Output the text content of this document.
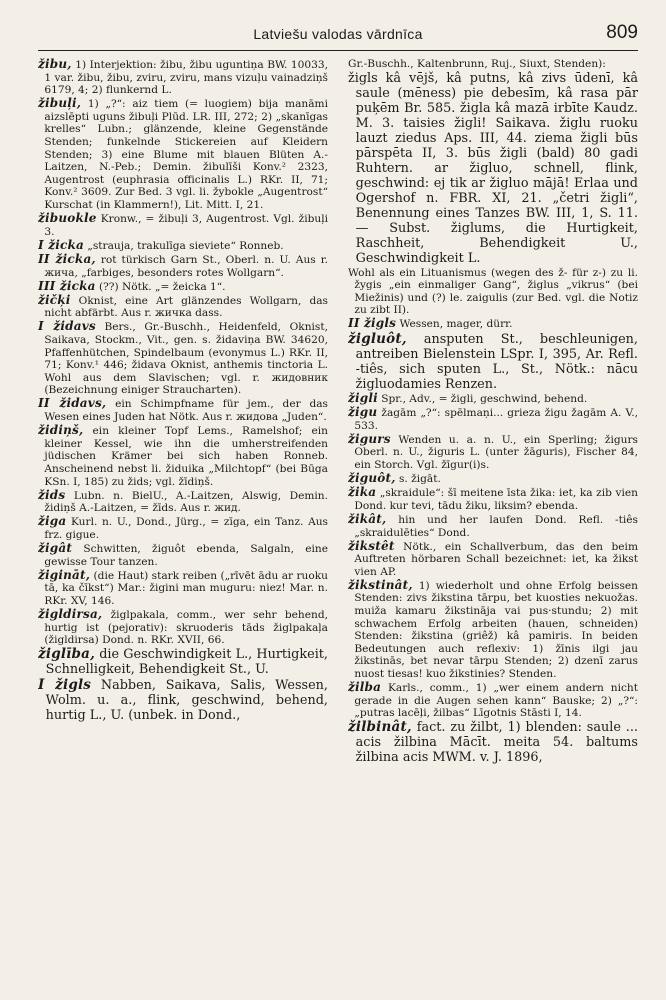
Latviešu valodas vārdnīca	809

žibu, 1) Interjektion: žibu, žibu uguntiņa BW. 10033, 1 var. žibu, žibu, zviru, zviru, mans vizuļu vainadziņš 6179, 4; 2) flunkernd L.

žibuļi, 1) „?“: aiz tiem (= luogiem) bija manāmi aizslēpti uguns žibuļi Plūd. LR. III, 272; 2) „skanīgas krelles“ Lubn.; glänzende, kleine Gegenstände Stenden; funkelnde Stickereien auf Kleidern Stenden; 3) eine Blume mit blauen Blüten A.-Laitzen, N.-Peb.; Demin. žibulīši Konv.² 2323, Augentrost (euphrasia officinalis L.) RKr. II, 71; Konv.² 3609. Zur Bed. 3 vgl. li. žybokle „Augentrost“ Kurschat (in Klammern!), Lit. Mitt. I, 21.

žibuokle Kronw., = žibuļi 3, Augentrost. Vgl. žibuļi 3.

I žicka „strauja, trakulīga sieviete“ Ronneb.

II žicka, rot türkisch Garn St., Oberl. n. U. Aus r. жича, „farbiges, besonders rotes Wollgarn“.

III žicka (??) Nötk. „= žeicka 1“.

žičķi Oknist, eine Art glänzendes Wollgarn, das nicht abfärbt. Aus r. жичка dass.

I židavs Bers., Gr.-Buschh., Heidenfeld, Oknist, Saikava, Stockm., Vit., gen. s. židaviņa BW. 34620, Pfaffenhütchen, Spindelbaum (evonymus L.) RKr. II, 71; Konv.¹ 446; židava Oknist, anthemis tinctoria L. Wohl aus dem Slavischen; vgl. r. жидовник (Bezeichnung einiger Straucharten).

II židavs, ein Schimpfname für jem., der das Wesen eines Juden hat Nötk. Aus r. жидова „Juden“.

židiņš, ein kleiner Topf Lems., Ramelshof; ein kleiner Kessel, wie ihn die umherstreifenden jüdischen Krämer bei sich haben Ronneb. Anscheinend nebst li. židuika „Milchtopf“ (bei Būga KSn. I, 185) zu žids; vgl. žīdiņš.

žids Lubn. n. BielU., A.-Laitzen, Alswig, Demin. židiņš A.-Laitzen, = žīds. Aus r. жид.

žiga Kurl. n. U., Dond., Jürg., = zīga, ein Tanz. Aus frz. gigue.

žigât Schwitten, žiguôt ebenda, Salgaln, eine gewisse Tour tanzen.

žigināt, (die Haut) stark reiben („rīvēt ādu ar ruoku tā, ka čīkst“) Mar.: žigini man muguru: niez! Mar. n. RKr. XV, 146.

žigldirsa, žiglpakala, comm., wer sehr behend, hurtig ist (pejorativ): skruoderis tāds žiglpakaļa (žigldirsa) Dond. n. RKr. XVII, 66.

žiglība, die Geschwindigkeit L., Hurtigkeit, Schnelligkeit, Behendigkeit St., U.

I žigls Nabben, Saikava, Salis, Wessen, Wolm. u. a., flink, geschwind, behend, hurtig L., U. (unbek. in Dond.,

Gr.-Buschh., Kaltenbrunn, Ruj., Siuxt, Stenden):

žigls kâ vējš, kâ putns, kâ zivs ūdenī, kâ saule (mēness) pie debesīm, kâ rasa pār puķēm Br. 585. žigla kâ mazā irbīte Kaudz. M. 3. taisies žigli! Saikava. žiglu ruoku lauzt ziedus Aps. III, 44. ziema žigli būs pārspēta II, 3. būs žigli (bald) 80 gadi Ruhtern. ar žigluo, schnell, flink, geschwind: ej tik ar žigluo mājā! Erlaa und Ogershof n. FBR. XI, 21. „četri žigli“, Benennung eines Tanzes BW. III, 1, S. 11. — Subst. žiglums, die Hurtigkeit, Raschheit, Behendigkeit U., Geschwindigkeit L.

Wohl als ein Lituanismus (wegen des ž- für z-) zu li. žygis „ein einmaliger Gang“, žiglus „vikrus“ (bei Miežinis) und (?) le. zaigulis (zur Bed. vgl. die Notiz zu zibt II).

II žigls Wessen, mager, dürr.

žigluôt, ansputen St., beschleunigen, antreiben Bielenstein LSpr. I, 395, Ar. Refl. -tiês, sich sputen L., St., Nötk.: nācu žigluodamies Renzen.

žigli Spr., Adv., = žigli, geschwind, behend.

žigu žagām „?“: spēlmaņi... grieza žigu žagām A. V., 533.

žigurs Wenden u. a. n. U., ein Sperling; žigurs Oberl. n. U., žiguris L. (unter žāguris), Fischer 84, ein Storch. Vgl. žīgur(i)s.

žiguôt, s. žigāt.

žika „skraidule“: šī meitene īsta žika: iet, ka zib vien Dond. kur tevi, tādu žiku, liksim? ebenda.

žikât, hin und her laufen Dond. Refl. -tiês „skraidulēties“ Dond.

žikstêt Nötk., ein Schallverbum, das den beim Auftreten hörbaren Schall bezeichnet: iet, ka žikst vien AP.

žikstinât, 1) wiederholt und ohne Erfolg beissen Stenden: zivs žikstina tārpu, bet kuosties nekuožas. muiža kamaru žikstināja vai pus·stundu; 2) mit schwachem Erfolg arbeiten (hauen, schneiden) Stenden: žikstina (griêž) kâ pamiris. In beiden Bedeutungen auch reflexiv: 1) žīnis ilgi jau žikstinās, bet nevar tārpu Stenden; 2) dzenī zarus nuost tiesas! kuo žikstinies? Stenden.

žilba Karls., comm., 1) „wer einem andern nicht gerade in die Augen sehen kann“ Bauske; 2) „?“: „putras lacēļi, žilbas“ Līgotnis Stāsti I, 14.

žilbinât, fact. zu žilbt, 1) blenden: saule ... acis žilbina Mācīt. meita 54. baltums žilbina acis MWM. v. J. 1896,
